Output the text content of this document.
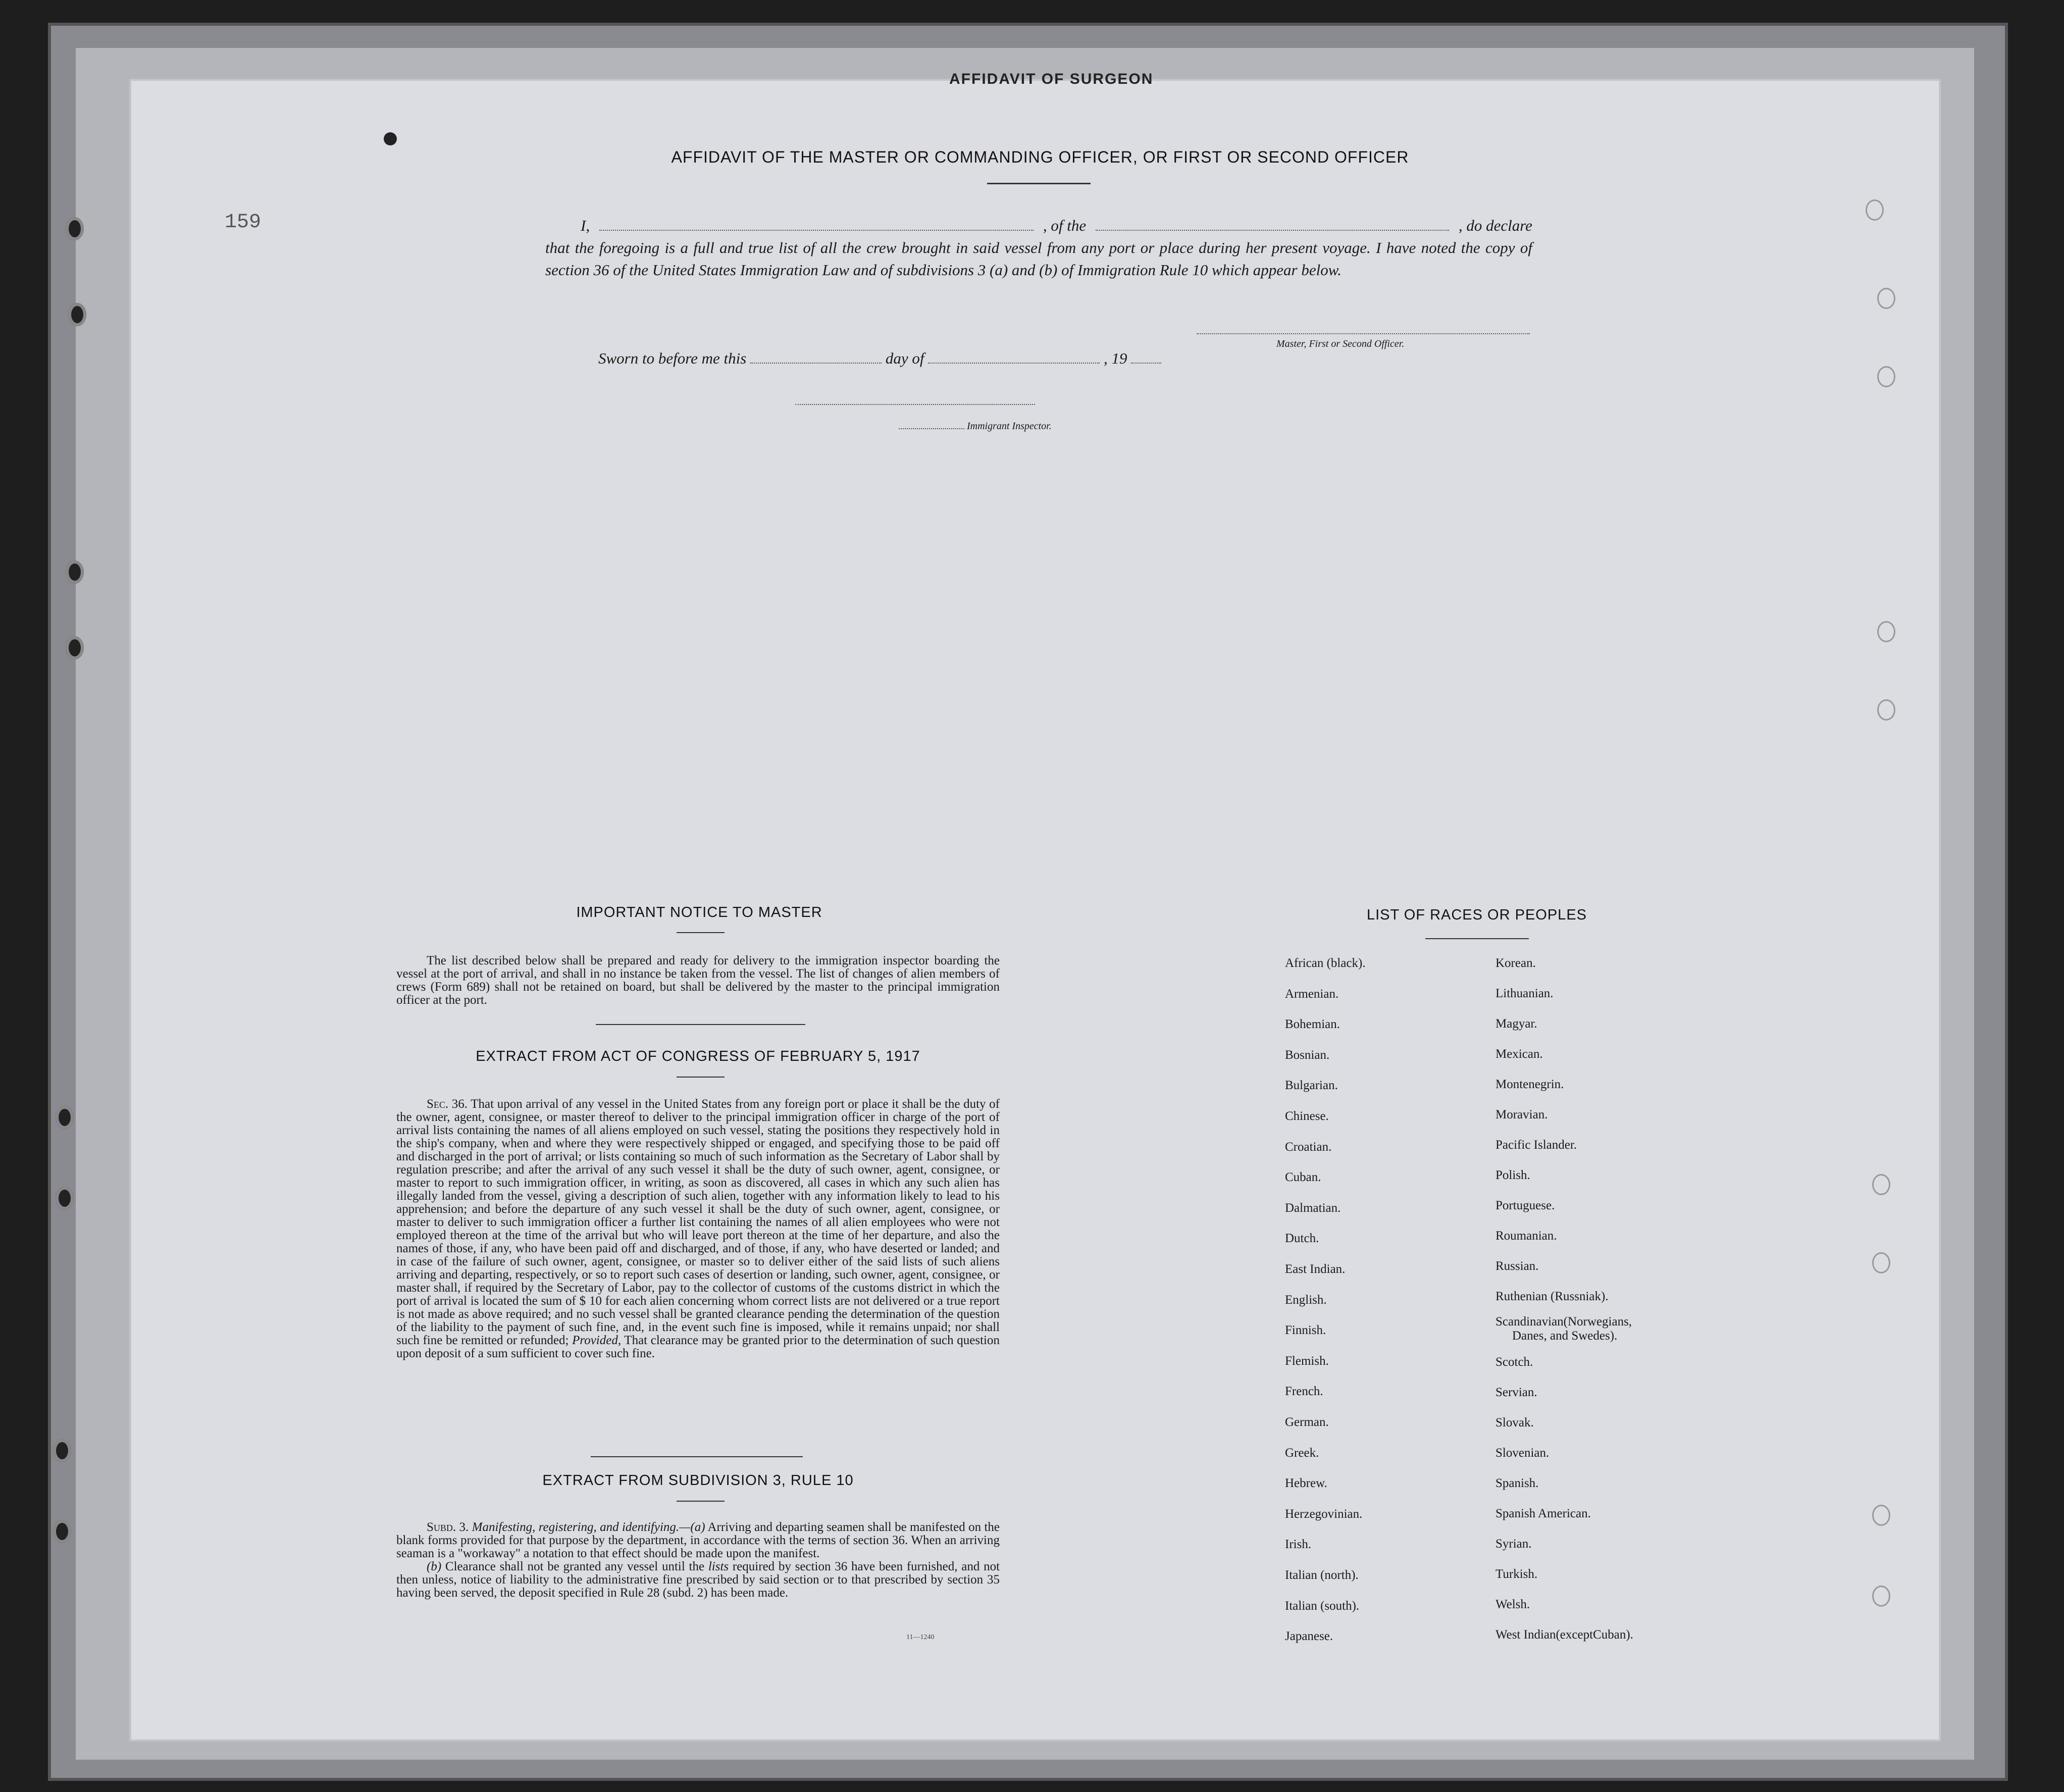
AFFIDAVIT OF SURGEON
159
AFFIDAVIT OF THE MASTER OR COMMANDING OFFICER, OR FIRST OR SECOND OFFICER
I,	, of the	, do declare
that the foregoing is a full and true list of all the crew brought in said vessel from any port or place during her present voyage. I have noted the copy of section 36 of the United States Immigration Law and of subdivisions 3 (a) and (b) of Immigration Rule 10 which appear below.
Master, First or Second Officer.
Sworn to before me this	day of	, 19
Immigrant Inspector.
IMPORTANT NOTICE TO MASTER
The list described below shall be prepared and ready for delivery to the immigration inspector boarding the vessel at the port of arrival, and shall in no instance be taken from the vessel. The list of changes of alien members of crews (Form 689) shall not be retained on board, but shall be delivered by the master to the principal immigration officer at the port.
EXTRACT FROM ACT OF CONGRESS OF FEBRUARY 5, 1917
Sec. 36. That upon arrival of any vessel in the United States from any foreign port or place it shall be the duty of the owner, agent, consignee, or master thereof to deliver to the principal immigration officer in charge of the port of arrival lists containing the names of all aliens employed on such vessel, stating the positions they respectively hold in the ship's company, when and where they were respectively shipped or engaged, and specifying those to be paid off and discharged in the port of arrival; or lists containing so much of such information as the Secretary of Labor shall by regulation prescribe; and after the arrival of any such vessel it shall be the duty of such owner, agent, consignee, or master to report to such immigration officer, in writing, as soon as discovered, all cases in which any such alien has illegally landed from the vessel, giving a description of such alien, together with any information likely to lead to his apprehension; and before the departure of any such vessel it shall be the duty of such owner, agent, consignee, or master to deliver to such immigration officer a further list containing the names of all alien employees who were not employed thereon at the time of the arrival but who will leave port thereon at the time of her departure, and also the names of those, if any, who have been paid off and discharged, and of those, if any, who have deserted or landed; and in case of the failure of such owner, agent, consignee, or master so to deliver either of the said lists of such aliens arriving and departing, respectively, or so to report such cases of desertion or landing, such owner, agent, consignee, or master shall, if required by the Secretary of Labor, pay to the collector of customs of the customs district in which the port of arrival is located the sum of $ 10 for each alien concerning whom correct lists are not delivered or a true report is not made as above required; and no such vessel shall be granted clearance pending the determination of the question of the liability to the payment of such fine, and, in the event such fine is imposed, while it remains unpaid; nor shall such fine be remitted or refunded; Provided, That clearance may be granted prior to the determination of such question upon deposit of a sum sufficient to cover such fine.
EXTRACT FROM SUBDIVISION 3, RULE 10
Subd. 3. Manifesting, registering, and identifying.—(a) Arriving and departing seamen shall be manifested on the blank forms provided for that purpose by the department, in accordance with the terms of section 36. When an arriving seaman is a "workaway" a notation to that effect should be made upon the manifest.
(b) Clearance shall not be granted any vessel until the lists required by section 36 have been furnished, and not then unless, notice of liability to the administrative fine prescribed by said section or to that prescribed by section 35 having been served, the deposit specified in Rule 28 (subd. 2) has been made.
11—1240
LIST OF RACES OR PEOPLES
African (black).
Armenian.
Bohemian.
Bosnian.
Bulgarian.
Chinese.
Croatian.
Cuban.
Dalmatian.
Dutch.
East Indian.
English.
Finnish.
Flemish.
French.
German.
Greek.
Hebrew.
Herzegovinian.
Irish.
Italian (north).
Italian (south).
Japanese.
Korean.
Lithuanian.
Magyar.
Mexican.
Montenegrin.
Moravian.
Pacific Islander.
Polish.
Portuguese.
Roumanian.
Russian.
Ruthenian (Russniak).
Scandinavian(Norwegians,
Danes, and Swedes).
Scotch.
Servian.
Slovak.
Slovenian.
Spanish.
Spanish American.
Syrian.
Turkish.
Welsh.
West Indian(exceptCuban).
